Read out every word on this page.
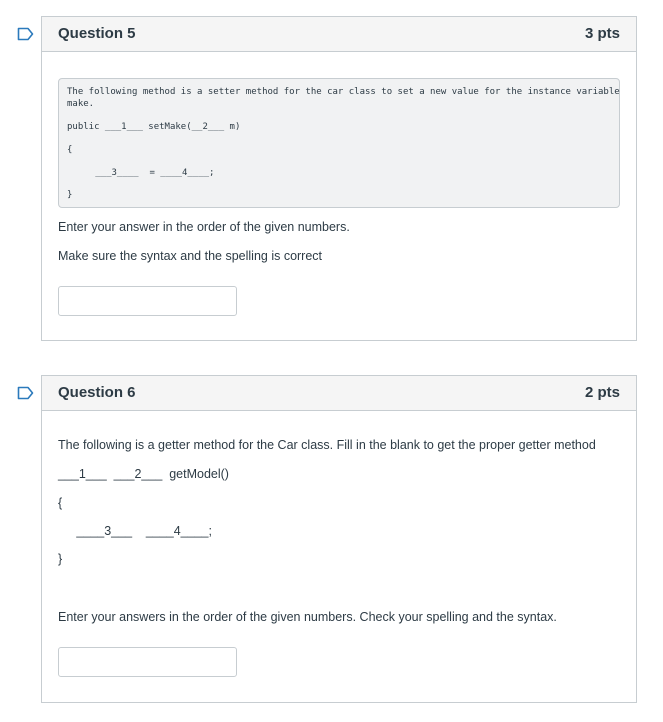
Question 5	3 pts
The following method is a setter method for the car class to set a new value for the instance variable
make.
public ___1___ setMake(__2___ m)
{
___3____  = ____4____;
}
Enter your answer in the order of the given numbers.
Make sure the syntax and the spelling is correct
Question 6	2 pts
The following is a getter method for the Car class. Fill in the blank to get the proper getter method
___1___  ___2___  getModel()
{
____3___    ____4____;
}
Enter your answers in the order of the given numbers. Check your spelling and the syntax.
